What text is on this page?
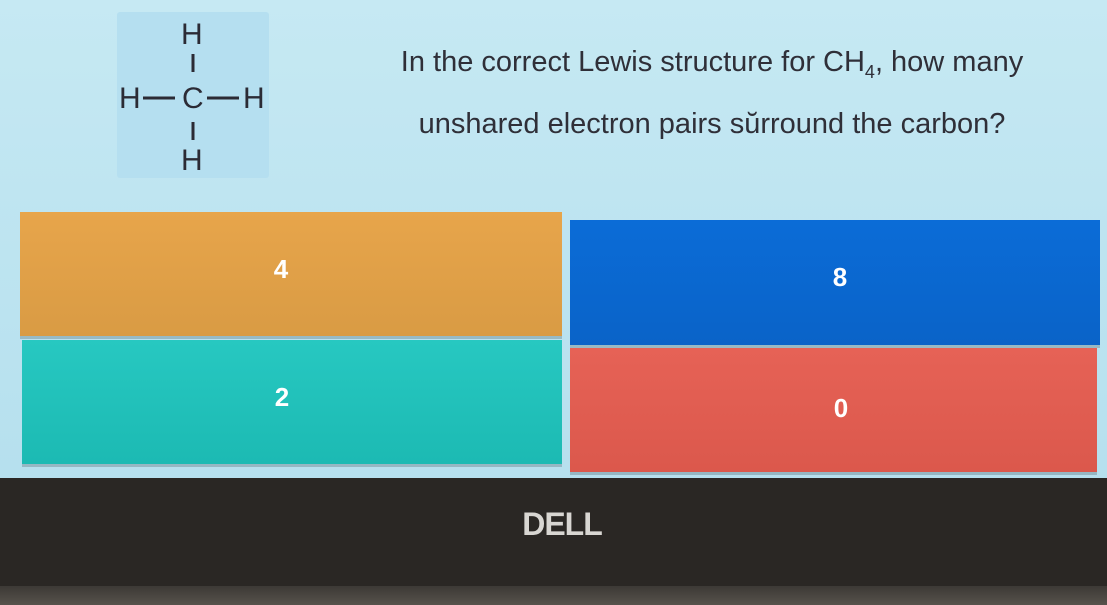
H
H C H
H
In the correct Lewis structure for $CH_4$, how many unshared electron pairs sŭrround the carbon?
4	8
2	0
DELL
